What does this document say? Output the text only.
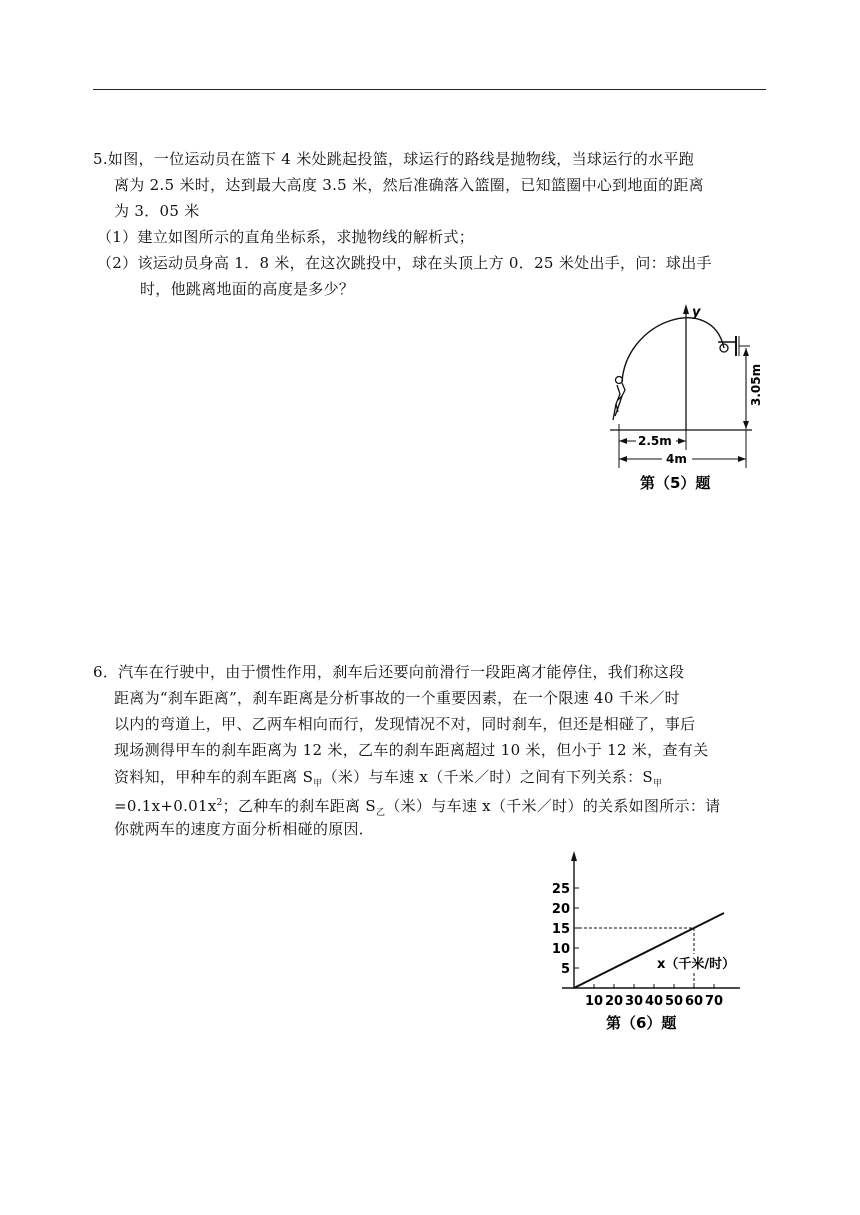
5.如图，一位运动员在篮下 4 米处跳起投篮，球运行的路线是抛物线，当球运行的水平跑
离为 2.5 米时，达到最大高度 3.5 米，然后准确落入篮圈，已知篮圈中心到地面的距离
为 3．05 米
（1）建立如图所示的直角坐标系，求抛物线的解析式；
（2）该运动员身高 1．8 米，在这次跳投中，球在头顶上方 0．25 米处出手，问：球出手
时，他跳离地面的高度是多少？
y
3.05m
2.5m
4m
第（5）题
6．汽车在行驶中，由于惯性作用，刹车后还要向前滑行一段距离才能停住，我们称这段
距离为“刹车距离”，刹车距离是分析事故的一个重要因素，在一个限速 40 千米／时
以内的弯道上，甲、乙两车相向而行，发现情况不对，同时刹车，但还是相碰了，事后
现场测得甲车的刹车距离为 12 米，乙车的刹车距离超过 10 米，但小于 12 米，查有关
资料知，甲种车的刹车距离 $S_甲$（米）与车速 x（千米／时）之间有下列关系：$S_甲$
$=0.1x+0.01x^2$；乙种车的刹车距离 $S_乙$（米）与车速 x（千米／时）的关系如图所示：请
你就两车的速度方面分析相碰的原因．
5
10
15
20
25
10 20 30 40 50 60 70
x（千米/时）
第（6）题
